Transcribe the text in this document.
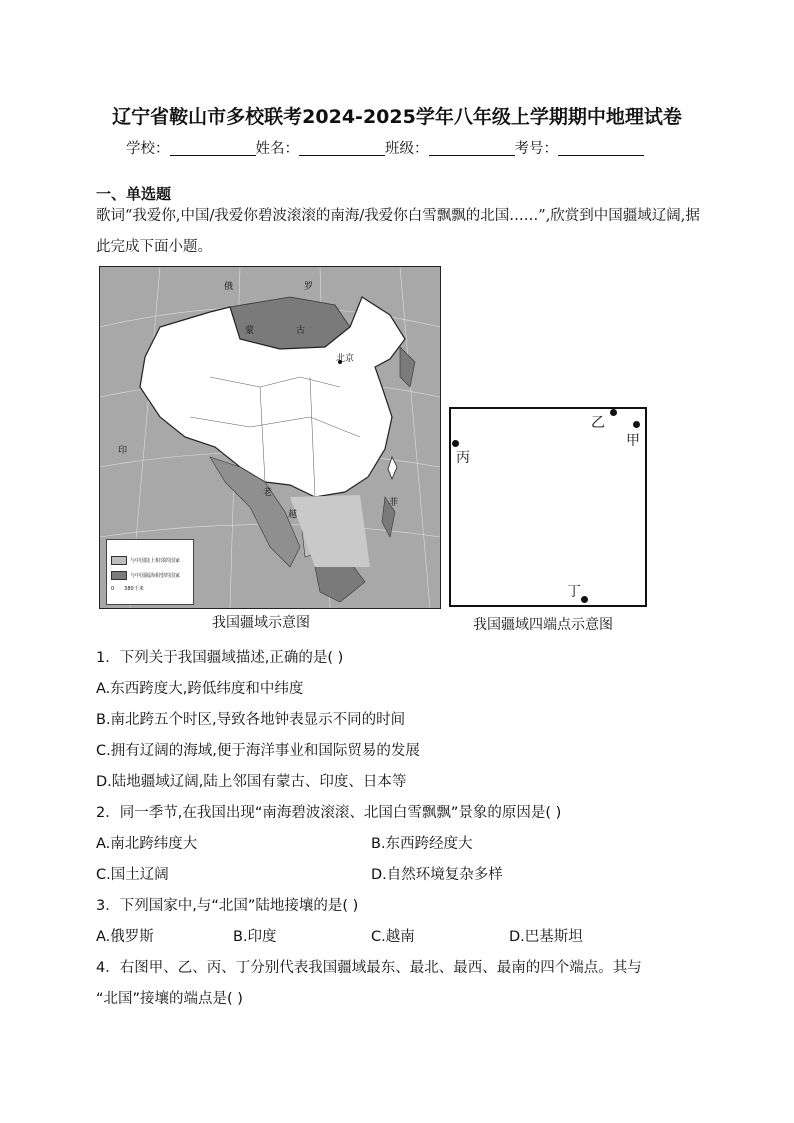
辽宁省鞍山市多校联考2024-2025学年八年级上学期期中地理试卷
学校：	姓名：	班级：	考号：
一、单选题
歌词“我爱你,中国/我爱你碧波滚滚的南海/我爱你白雪飘飘的北国……”,欣赏到中国疆域辽阔,据此完成下面小题。
俄	罗
蒙	古
北京
印
老
越
菲
与中国陆上相邻的国家
与中国隔海相望的国家
0　　380千米
我国疆域示意图
乙
甲
丙
丁
我国疆域四端点示意图
1．下列关于我国疆域描述,正确的是( )
A.东西跨度大,跨低纬度和中纬度
B.南北跨五个时区,导致各地钟表显示不同的时间
C.拥有辽阔的海域,便于海洋事业和国际贸易的发展
D.陆地疆域辽阔,陆上邻国有蒙古、印度、日本等
2．同一季节,在我国出现“南海碧波滚滚、北国白雪飘飘”景象的原因是( )
A.南北跨纬度大	B.东西跨经度大
C.国土辽阔	D.自然环境复杂多样
3．下列国家中,与“北国”陆地接壤的是( )
A.俄罗斯	B.印度	C.越南	D.巴基斯坦
4．右图甲、乙、丙、丁分别代表我国疆域最东、最北、最西、最南的四个端点。其与
“北国”接壤的端点是( )
